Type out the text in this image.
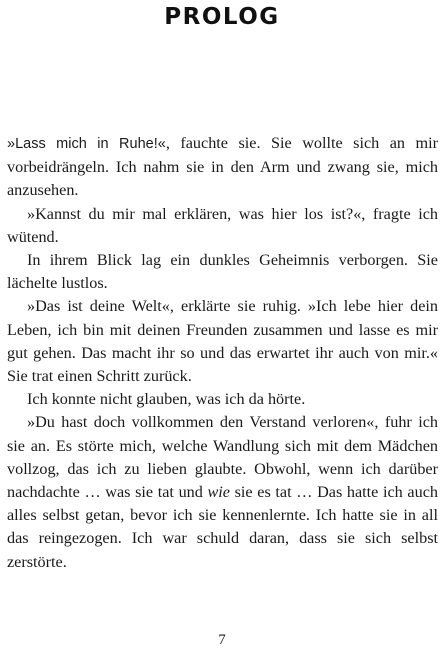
PROLOG

»Lass mich in Ruhe!«, fauchte sie. Sie wollte sich an mir vorbeidrängeln. Ich nahm sie in den Arm und zwang sie, mich anzusehen.

»Kannst du mir mal erklären, was hier los ist?«, fragte ich wütend.

In ihrem Blick lag ein dunkles Geheimnis verborgen. Sie lächelte lustlos.

»Das ist deine Welt«, erklärte sie ruhig. »Ich lebe hier dein Leben, ich bin mit deinen Freunden zusammen und lasse es mir gut gehen. Das macht ihr so und das erwartet ihr auch von mir.« Sie trat einen Schritt zurück.

Ich konnte nicht glauben, was ich da hörte.

»Du hast doch vollkommen den Verstand verloren«, fuhr ich sie an. Es störte mich, welche Wandlung sich mit dem Mädchen vollzog, das ich zu lieben glaubte. Obwohl, wenn ich darüber nachdachte … was sie tat und wie sie es tat … Das hatte ich auch alles selbst getan, bevor ich sie kennenlernte. Ich hatte sie in all das reingezogen. Ich war schuld daran, dass sie sich selbst zerstörte.

7
